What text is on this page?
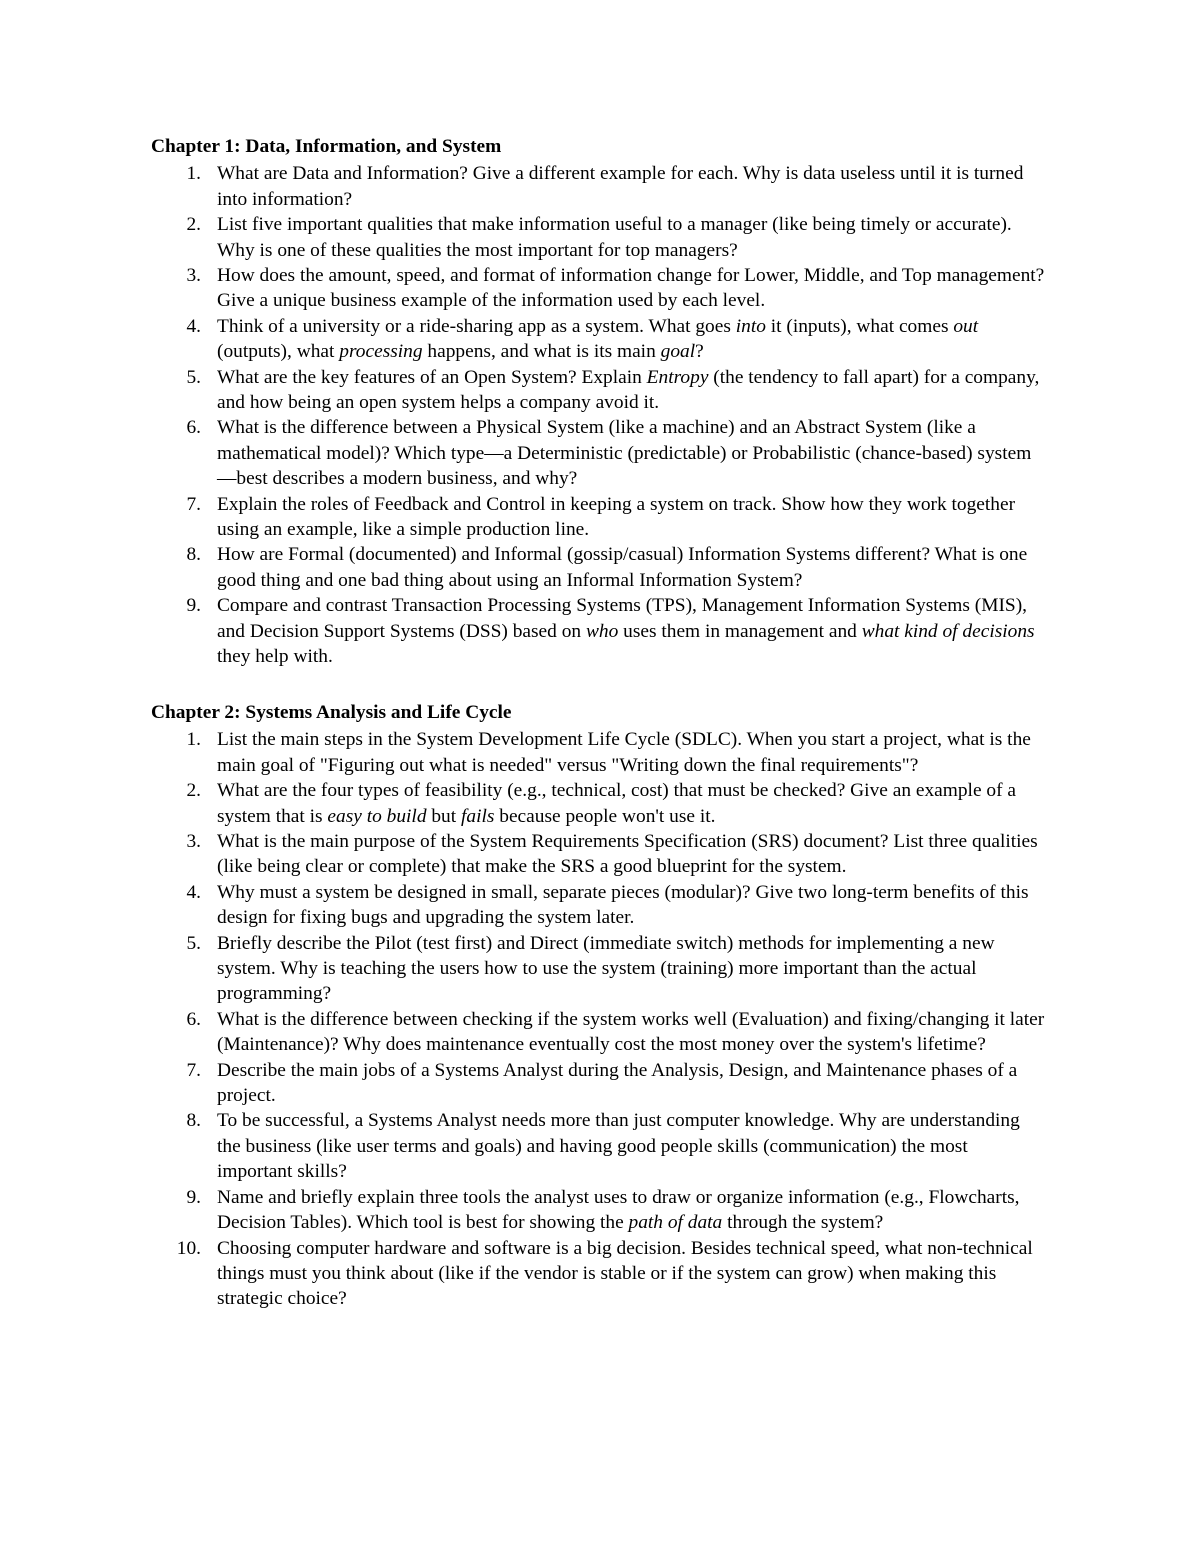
Chapter 1: Data, Information, and System
1. What are Data and Information? Give a different example for each. Why is data useless until it is turned into information?
2. List five important qualities that make information useful to a manager (like being timely or accurate). Why is one of these qualities the most important for top managers?
3. How does the amount, speed, and format of information change for Lower, Middle, and Top management? Give a unique business example of the information used by each level.
4. Think of a university or a ride-sharing app as a system. What goes into it (inputs), what comes out (outputs), what processing happens, and what is its main goal?
5. What are the key features of an Open System? Explain Entropy (the tendency to fall apart) for a company, and how being an open system helps a company avoid it.
6. What is the difference between a Physical System (like a machine) and an Abstract System (like a mathematical model)? Which type—a Deterministic (predictable) or Probabilistic (chance-based) system—best describes a modern business, and why?
7. Explain the roles of Feedback and Control in keeping a system on track. Show how they work together using an example, like a simple production line.
8. How are Formal (documented) and Informal (gossip/casual) Information Systems different? What is one good thing and one bad thing about using an Informal Information System?
9. Compare and contrast Transaction Processing Systems (TPS), Management Information Systems (MIS), and Decision Support Systems (DSS) based on who uses them in management and what kind of decisions they help with.
Chapter 2: Systems Analysis and Life Cycle
1. List the main steps in the System Development Life Cycle (SDLC). When you start a project, what is the main goal of "Figuring out what is needed" versus "Writing down the final requirements"?
2. What are the four types of feasibility (e.g., technical, cost) that must be checked? Give an example of a system that is easy to build but fails because people won't use it.
3. What is the main purpose of the System Requirements Specification (SRS) document? List three qualities (like being clear or complete) that make the SRS a good blueprint for the system.
4. Why must a system be designed in small, separate pieces (modular)? Give two long-term benefits of this design for fixing bugs and upgrading the system later.
5. Briefly describe the Pilot (test first) and Direct (immediate switch) methods for implementing a new system. Why is teaching the users how to use the system (training) more important than the actual programming?
6. What is the difference between checking if the system works well (Evaluation) and fixing/changing it later (Maintenance)? Why does maintenance eventually cost the most money over the system's lifetime?
7. Describe the main jobs of a Systems Analyst during the Analysis, Design, and Maintenance phases of a project.
8. To be successful, a Systems Analyst needs more than just computer knowledge. Why are understanding the business (like user terms and goals) and having good people skills (communication) the most important skills?
9. Name and briefly explain three tools the analyst uses to draw or organize information (e.g., Flowcharts, Decision Tables). Which tool is best for showing the path of data through the system?
10. Choosing computer hardware and software is a big decision. Besides technical speed, what non-technical things must you think about (like if the vendor is stable or if the system can grow) when making this strategic choice?
